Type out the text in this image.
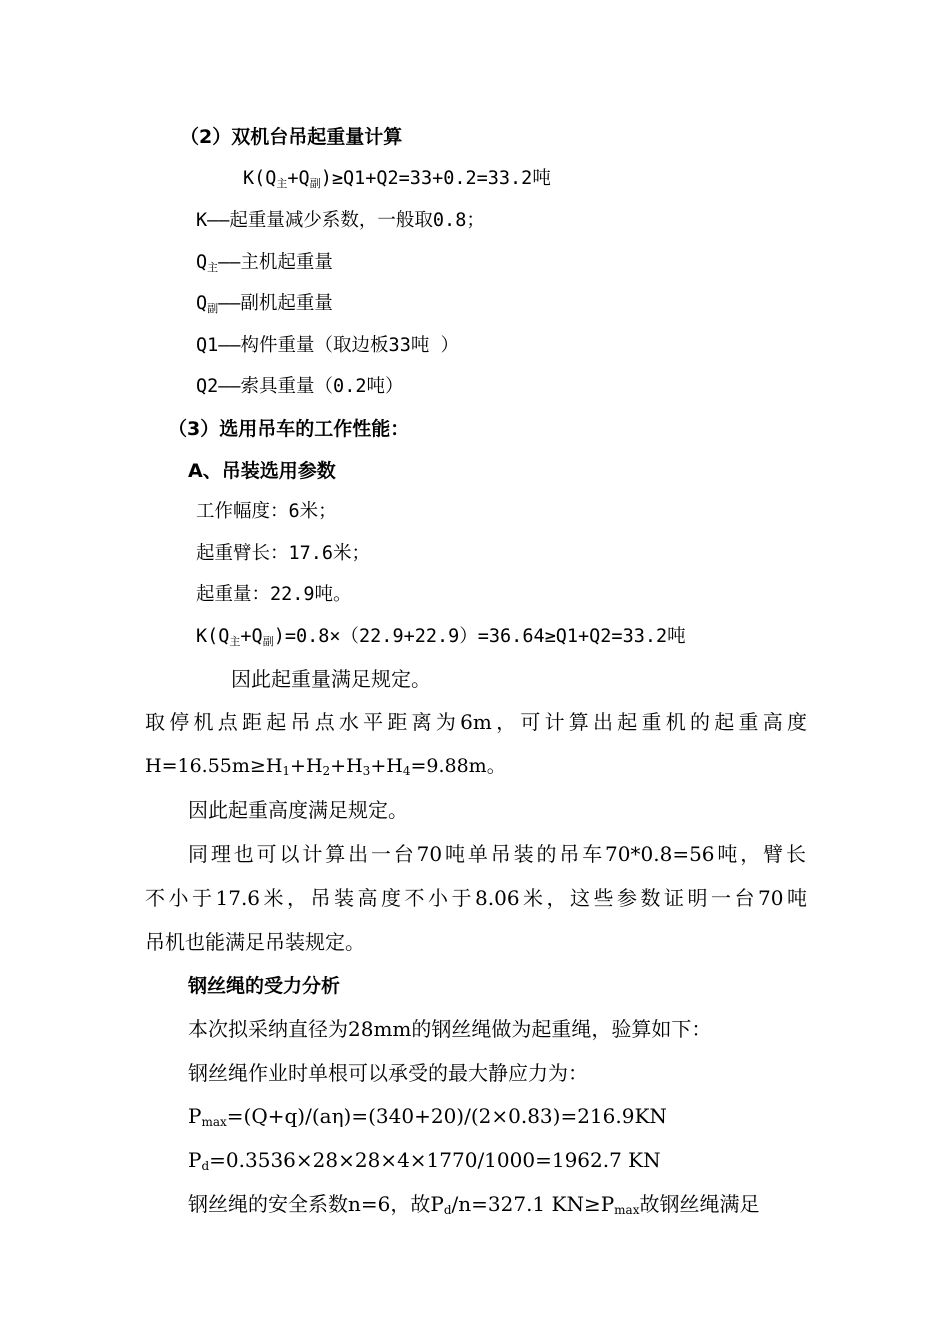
（2）双机台吊起重量计算
K(Q主+Q副)≥Q1+Q2=33+0.2=33.2吨
K——起重量减少系数，一般取0.8；
Q主——主机起重量
Q副——副机起重量
Q1——构件重量（取边板33吨 ）
Q2——索具重量（0.2吨）
（3）选用吊车的工作性能：
A、吊装选用参数
工作幅度：6米；
起重臂长：17.6米；
起重量：22.9吨。
K(Q主+Q副)=0.8×（22.9+22.9）=36.64≥Q1+Q2=33.2吨
因此起重量满足规定。
取停机点距起吊点水平距离为6m，可计算出起重机的起重高度
H=16.55m≥H1+H2+H3+H4=9.88m。
因此起重高度满足规定。
同理也可以计算出一台70吨单吊装的吊车70*0.8=56吨，臂长
不小于17.6米，吊装高度不小于8.06米，这些参数证明一台70吨
吊机也能满足吊装规定。
钢丝绳的受力分析
本次拟采纳直径为28mm的钢丝绳做为起重绳，验算如下：
钢丝绳作业时单根可以承受的最大静应力为：
Pmax=(Q+q)/(aη)=(340+20)/(2×0.83)=216.9KN
Pd=0.3536×28×28×4×1770/1000=1962.7 KN
钢丝绳的安全系数n=6，故Pd/n=327.1 KN≥Pmax故钢丝绳满足
